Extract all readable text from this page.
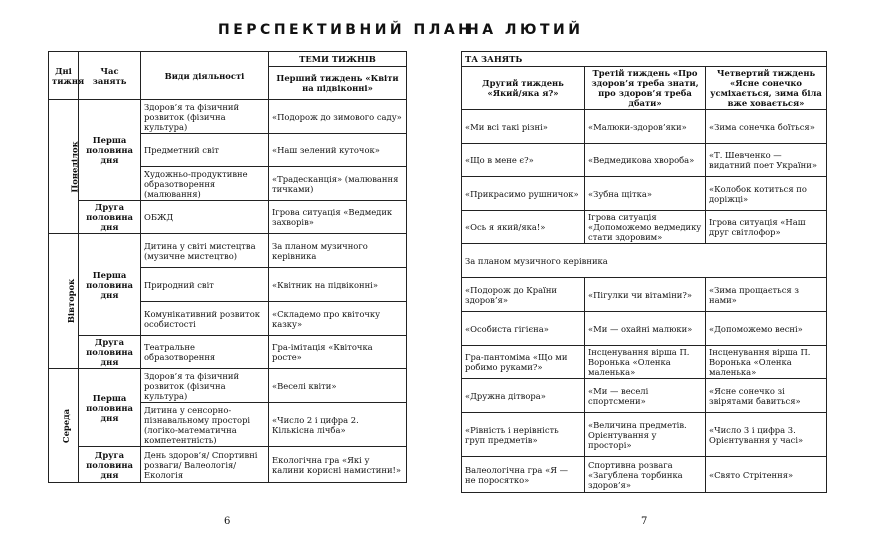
ПЕРСПЕКТИВНИЙ ПЛАН
НА ЛЮТИЙ
Дні тижня	Час занять	Види діяльності	ТЕМИ ТИЖНІВ
			Перший тиждень «Квіти на підвіконні»
Понеділок	Перша половина дня	Здоров’я та фізичний розвиток (фізична культура)	«Подорож до зимового саду»
		Предметний світ	«Наш зелений куточок»
		Художньо-продуктивне образотворення (малювання)	«Традесканція» (малювання тичками)
	Друга половина дня	ОБЖД	Ігрова ситуація «Ведмедик захворів»
Вівторок	Перша половина дня	Дитина у світі мистецтва (музичне мистецтво)	За планом музичного керівника
		Природний світ	«Квітник на підвіконні»
		Комунікативний розвиток особистості	«Складемо про квіточку казку»
	Друга половина дня	Театральне образотворення	Гра-імітація «Квіточка росте»
Середа	Перша половина дня	Здоров’я та фізичний розвиток (фізична культура)	«Веселі квіти»
		Дитина у сенсорно-пізнавальному просторі (логіко-математична компетентність)	«Число 2 і цифра 2. Кількісна лічба»
	Друга половина дня	День здоров’я/ Спортивні розваги/ Валеологія/ Екологія	Екологічна гра «Які у калини корисні намистини!»
ТА ЗАНЯТЬ		
Другий тиждень «Який/яка я?»	Третій тиждень «Про здоров’я треба знати, про здоров’я треба дбати»	Четвертий тиждень «Ясне сонечко усміхається, зима біла вже ховається»
«Ми всі такі різні»	«Малюки-здоров’яки»	«Зима сонечка боїться»
«Що в мене є?»	«Ведмедикова хвороба»	«Т. Шевченко — видатний поет України»
«Прикрасимо рушничок»	«Зубна щітка»	«Колобок котиться по доріжці»
«Ось я який/яка!»	Ігрова ситуація «Допоможемо ведмедику стати здоровим»	Ігрова ситуація «Наш друг світлофор»
За планом музичного керівника		
«Подорож до Країни здоров’я»	«Пігулки чи вітаміни?»	«Зима прощається з нами»
«Особиста гігієна»	«Ми — охайні малюки»	«Допоможемо весні»
Гра-пантоміма «Що ми робимо руками?»	Інсценування вірша П. Воронька «Оленка маленька»	Інсценування вірша П. Воронька «Оленка маленька»
«Дружна дітвора»	«Ми — веселі спортсмени»	«Ясне сонечко зі звірятами бавиться»
«Рівність і нерівність груп предметів»	«Величина предметів. Орієнтування у просторі»	«Число 3 і цифра 3. Орієнтування у часі»
Валеологічна гра «Я — не поросятко»	Спортивна розвага «Загублена торбинка здоров’я»	«Свято Стрітення»
6	7
